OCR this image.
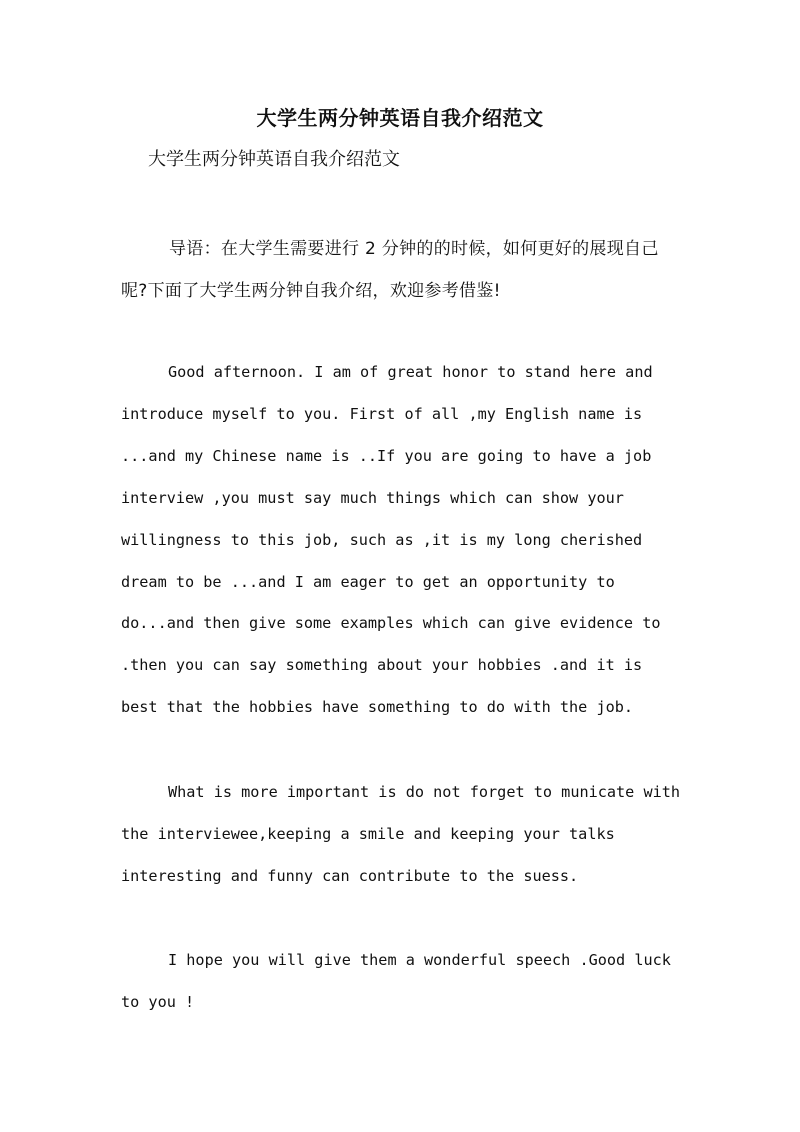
大学生两分钟英语自我介绍范文
大学生两分钟英语自我介绍范文
导语：在大学生需要进行 2 分钟的的时候，如何更好的展现自己呢?下面了大学生两分钟自我介绍，欢迎参考借鉴!
Good afternoon. I am of great honor to stand here and introduce myself to you. First of all ,my English name is ...and my Chinese name is ..If you are going to have a job interview ,you must say much things which can show your willingness to this job, such as ,it is my long cherished dream to be ...and I am eager to get an opportunity to do...and then give some examples which can give evidence to .then you can say something about your hobbies .and it is best that the hobbies have something to do with the job.
What is more important is do not forget to municate with the interviewee,keeping a smile and keeping your talks interesting and funny can contribute to the suess.
I hope you will give them a wonderful speech .Good luck to you !
